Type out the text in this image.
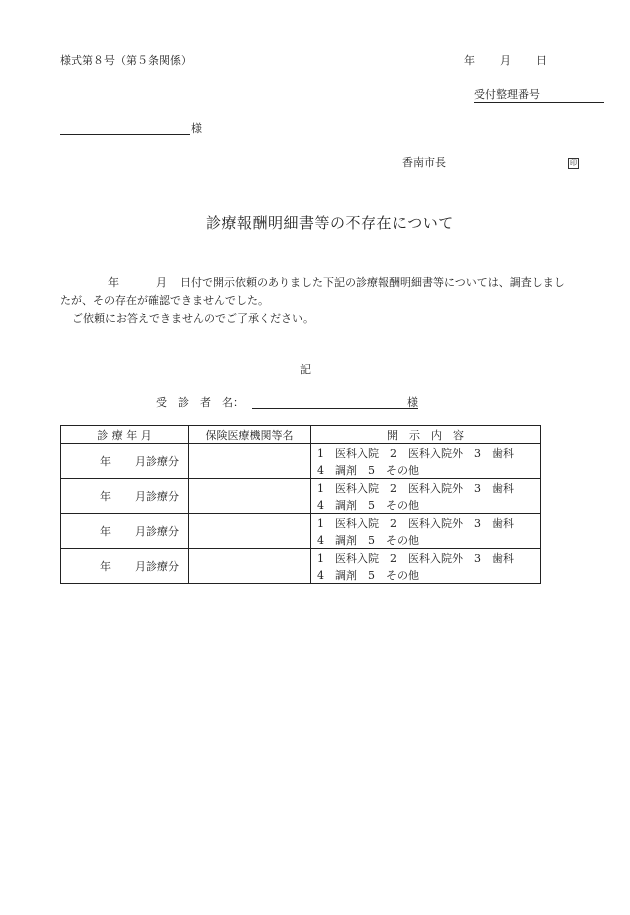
様式第８号（第５条関係）	年 月 日
受付整理番号
様
香南市長	印
診療報酬明細書等の不存在について
年	月 日付で開示依頼のありました下記の診療報酬明細書等については、調査しまし
たが、その存在が確認できませんでした。
ご依頼にお答えできませんのでご了承ください。
記
受　診　者　名：	様
診 療 年 月	保険医療機関等名	開　示　内　容
年 月診療分		1　医科入院　2　医科入院外　3　歯科
		4　調剤　5　その他
年 月診療分		1　医科入院　2　医科入院外　3　歯科
		4　調剤　5　その他
年 月診療分		1　医科入院　2　医科入院外　3　歯科
		4　調剤　5　その他
年 月診療分		1　医科入院　2　医科入院外　3　歯科
		4　調剤　5　その他
